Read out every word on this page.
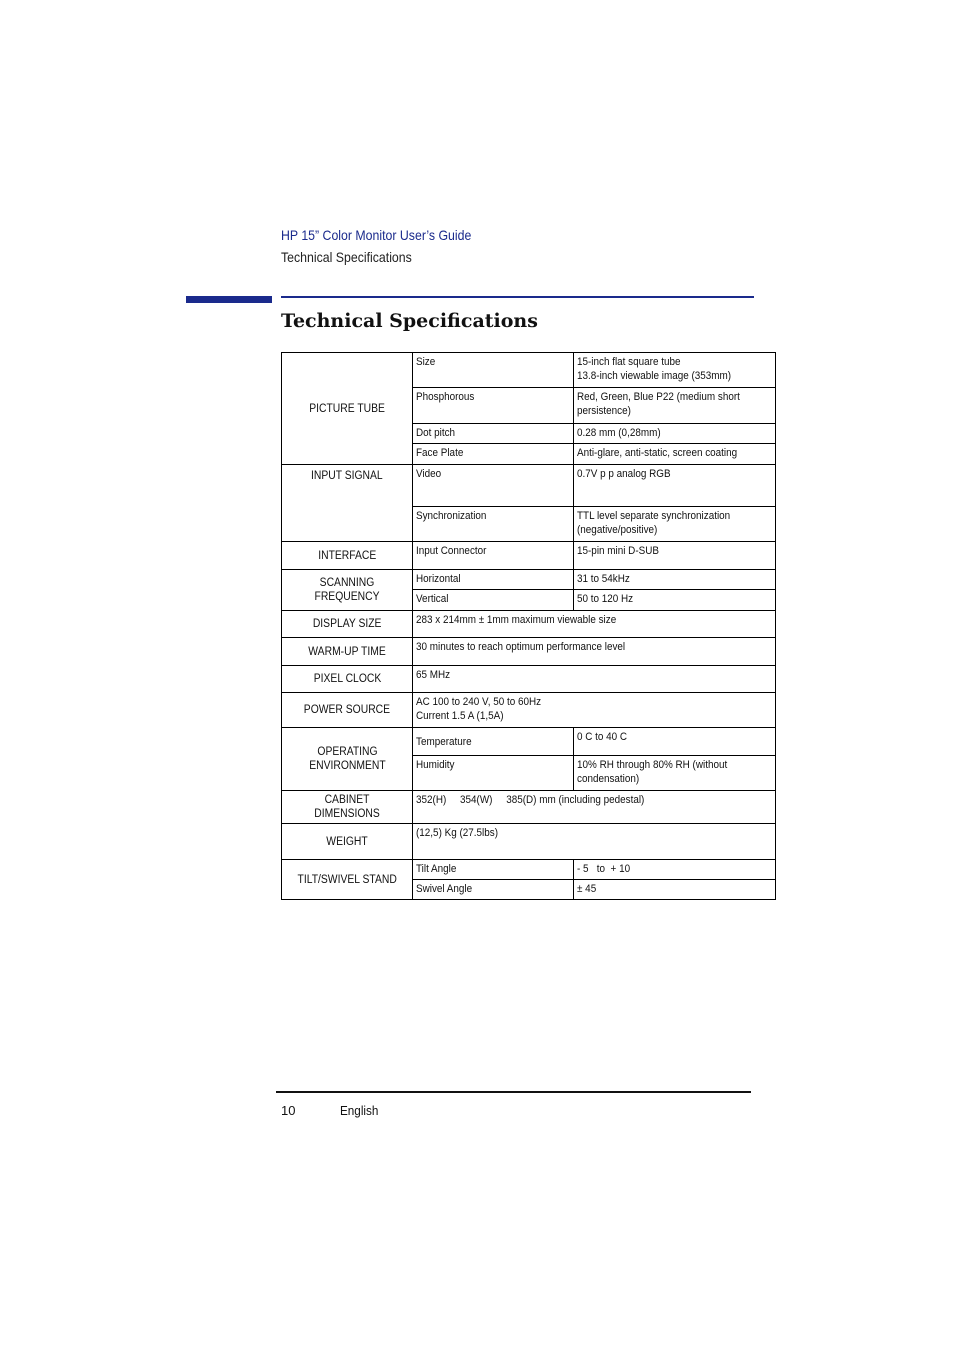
HP 15” Color Monitor User’s Guide
Technical Specifications
Technical Specifications
PICTURE TUBE	Size	15-inch flat square tube
13.8-inch viewable image (353mm)
	Phosphorous	Red, Green, Blue P22 (medium short persistence)
	Dot pitch	0.28 mm (0,28mm)
	Face Plate	Anti-glare, anti-static, screen coating
INPUT SIGNAL	Video	0.7V p p analog RGB
	Synchronization	TTL level separate synchronization (negative/positive)
INTERFACE	Input Connector	15-pin mini D-SUB
SCANNING FREQUENCY	Horizontal	31 to 54kHz
	Vertical	50 to 120 Hz
DISPLAY SIZE	283 x 214mm ± 1mm maximum viewable size	
WARM-UP TIME	30 minutes to reach optimum performance level	
PIXEL CLOCK	65 MHz	
POWER SOURCE	AC 100 to 240 V, 50 to 60Hz
Current 1.5 A (1,5A)	
OPERATING
ENVIRONMENT	Temperature	0 C to 40 C
	Humidity	10% RH through 80% RH (without condensation)
CABINET DIMENSIONS	352(H)     354(W)     385(D) mm (including pedestal)	
WEIGHT	(12,5) Kg (27.5lbs)	
TILT/SWIVEL STAND	Tilt Angle	- 5   to  + 10
	Swivel Angle	± 45
10	English
